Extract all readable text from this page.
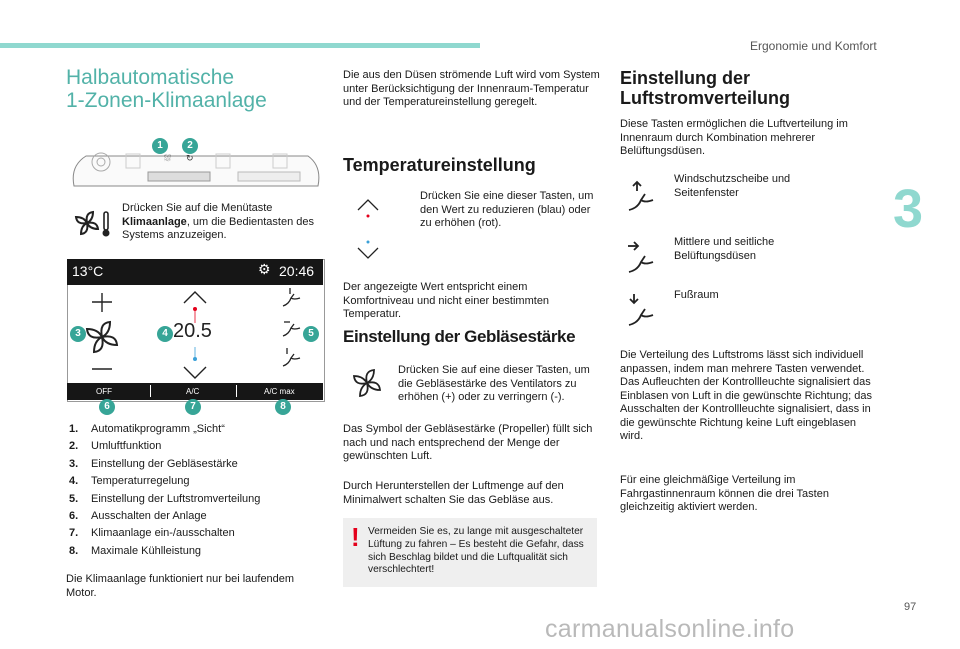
Ergonomie und Komfort
3
97
Halbautomatische
1-Zonen-Klimaanlage
⛆ ↻
1	2
Drücken Sie auf die Menütaste Klimaanlage, um die Bedientasten des Systems anzuzeigen.
13°C	⚙ 20:46
3	20.5
4	5
OFF	A/C	A/C max
6	7	8
1. Automatikprogramm „Sicht“
2. Umluftfunktion
3. Einstellung der Gebläsestärke
4. Temperaturregelung
5. Einstellung der Luftstromverteilung
6. Ausschalten der Anlage
7. Klimaanlage ein-/ausschalten
8. Maximale Kühlleistung
Die Klimaanlage funktioniert nur bei laufendem Motor.
Die aus den Düsen strömende Luft wird vom System unter Berücksichtigung der Innenraum-Temperatur und der Temperatureinstellung geregelt.
Temperatureinstellung
Drücken Sie eine dieser Tasten, um den Wert zu reduzieren (blau) oder zu erhöhen (rot).
Der angezeigte Wert entspricht einem Komfortniveau und nicht einer bestimmten Temperatur.
Einstellung der Gebläsestärke
Drücken Sie auf eine dieser Tasten, um die Gebläsestärke des Ventilators zu erhöhen (+) oder zu verringern (-).
Das Symbol der Gebläsestärke (Propeller) füllt sich nach und nach entsprechend der Menge der gewünschten Luft.
Durch Herunterstellen der Luftmenge auf den Minimalwert schalten Sie das Gebläse aus.
! Vermeiden Sie es, zu lange mit ausgeschalteter Lüftung zu fahren – Es besteht die Gefahr, dass sich Beschlag bildet und die Luftqualität sich verschlechtert!
Einstellung der
Luftstromverteilung
Diese Tasten ermöglichen die Luftverteilung im Innenraum durch Kombination mehrerer Belüftungsdüsen.
Windschutzscheibe und Seitenfenster
Mittlere und seitliche Belüftungsdüsen
Fußraum
Die Verteilung des Luftstroms lässt sich individuell anpassen, indem man mehrere Tasten verwendet. Das Aufleuchten der Kontrollleuchte signalisiert das Einblasen von Luft in die gewünschte Richtung; das Ausschalten der Kontrollleuchte signalisiert, dass in die gewünschte Richtung keine Luft eingeblasen wird.
Für eine gleichmäßige Verteilung im Fahrgastinnenraum können die drei Tasten gleichzeitig aktiviert werden.
carmanualsonline.info
